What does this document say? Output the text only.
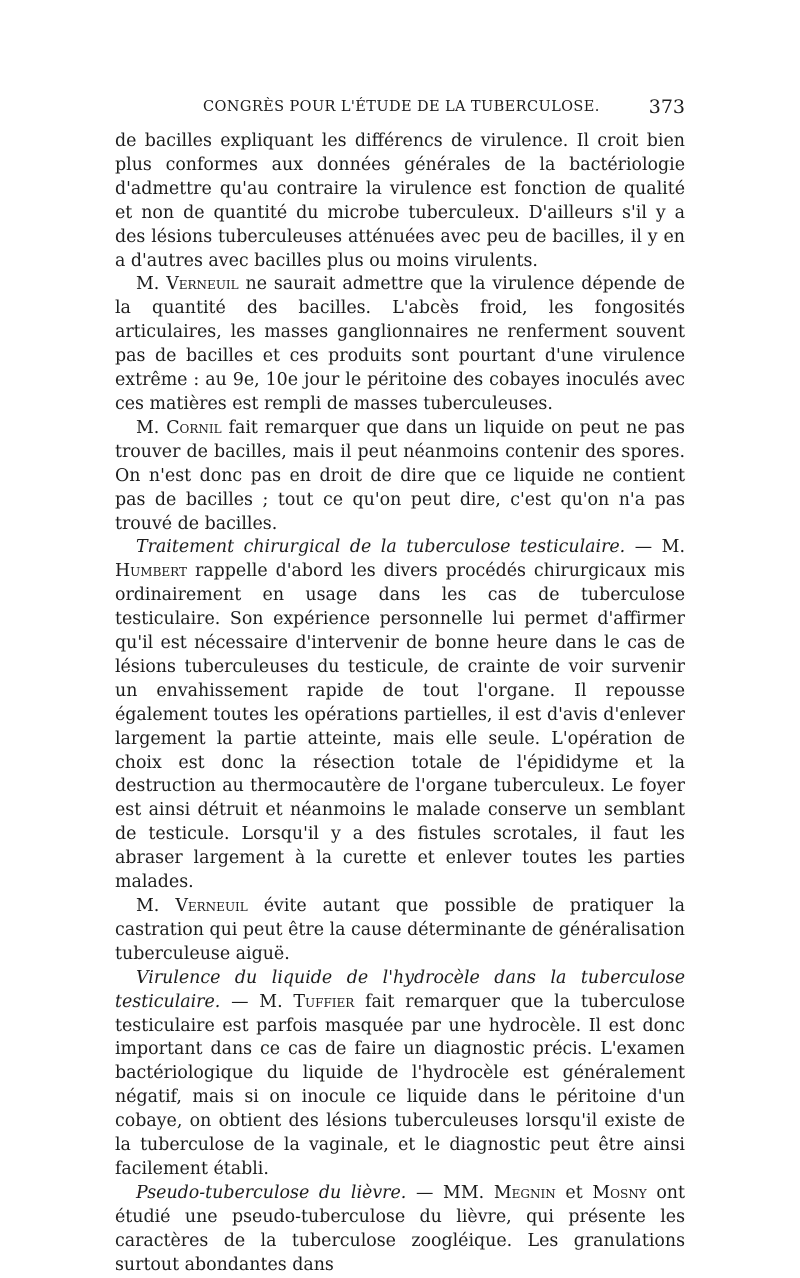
CONGRÈS POUR L'ÉTUDE DE LA TUBERCULOSE.	373

de bacilles expliquant les différencs de virulence. Il croit bien plus conformes aux données générales de la bactériologie d'admettre qu'au contraire la virulence est fonction de qualité et non de quantité du microbe tuberculeux. D'ailleurs s'il y a des lésions tuberculeuses atténuées avec peu de bacilles, il y en a d'autres avec bacilles plus ou moins virulents.

M. Verneuil ne saurait admettre que la virulence dépende de la quantité des bacilles. L'abcès froid, les fongosités articulaires, les masses ganglionnaires ne renferment souvent pas de bacilles et ces produits sont pourtant d'une virulence extrême : au 9e, 10e jour le péritoine des cobayes inoculés avec ces matières est rempli de masses tuberculeuses.

M. Cornil fait remarquer que dans un liquide on peut ne pas trouver de bacilles, mais il peut néanmoins contenir des spores. On n'est donc pas en droit de dire que ce liquide ne contient pas de bacilles ; tout ce qu'on peut dire, c'est qu'on n'a pas trouvé de bacilles.

Traitement chirurgical de la tuberculose testiculaire. — M. Humbert rappelle d'abord les divers procédés chirurgicaux mis ordinairement en usage dans les cas de tuberculose testiculaire. Son expérience personnelle lui permet d'affirmer qu'il est nécessaire d'intervenir de bonne heure dans le cas de lésions tuberculeuses du testicule, de crainte de voir survenir un envahissement rapide de tout l'organe. Il repousse également toutes les opérations partielles, il est d'avis d'enlever largement la partie atteinte, mais elle seule. L'opération de choix est donc la résection totale de l'épididyme et la destruction au thermocautère de l'organe tuberculeux. Le foyer est ainsi détruit et néanmoins le malade conserve un semblant de testicule. Lorsqu'il y a des fistules scrotales, il faut les abraser largement à la curette et enlever toutes les parties malades.

M. Verneuil évite autant que possible de pratiquer la castration qui peut être la cause déterminante de généralisation tuberculeuse aiguë.

Virulence du liquide de l'hydrocèle dans la tuberculose testiculaire. — M. Tuffier fait remarquer que la tuberculose testiculaire est parfois masquée par une hydrocèle. Il est donc important dans ce cas de faire un diagnostic précis. L'examen bactériologique du liquide de l'hydrocèle est généralement négatif, mais si on inocule ce liquide dans le péritoine d'un cobaye, on obtient des lésions tuberculeuses lorsqu'il existe de la tuberculose de la vaginale, et le diagnostic peut être ainsi facilement établi.

Pseudo-tuberculose du lièvre. — MM. Megnin et Mosny ont étudié une pseudo-tuberculose du lièvre, qui présente les caractères de la tuberculose zoogléique. Les granulations surtout abondantes dans
